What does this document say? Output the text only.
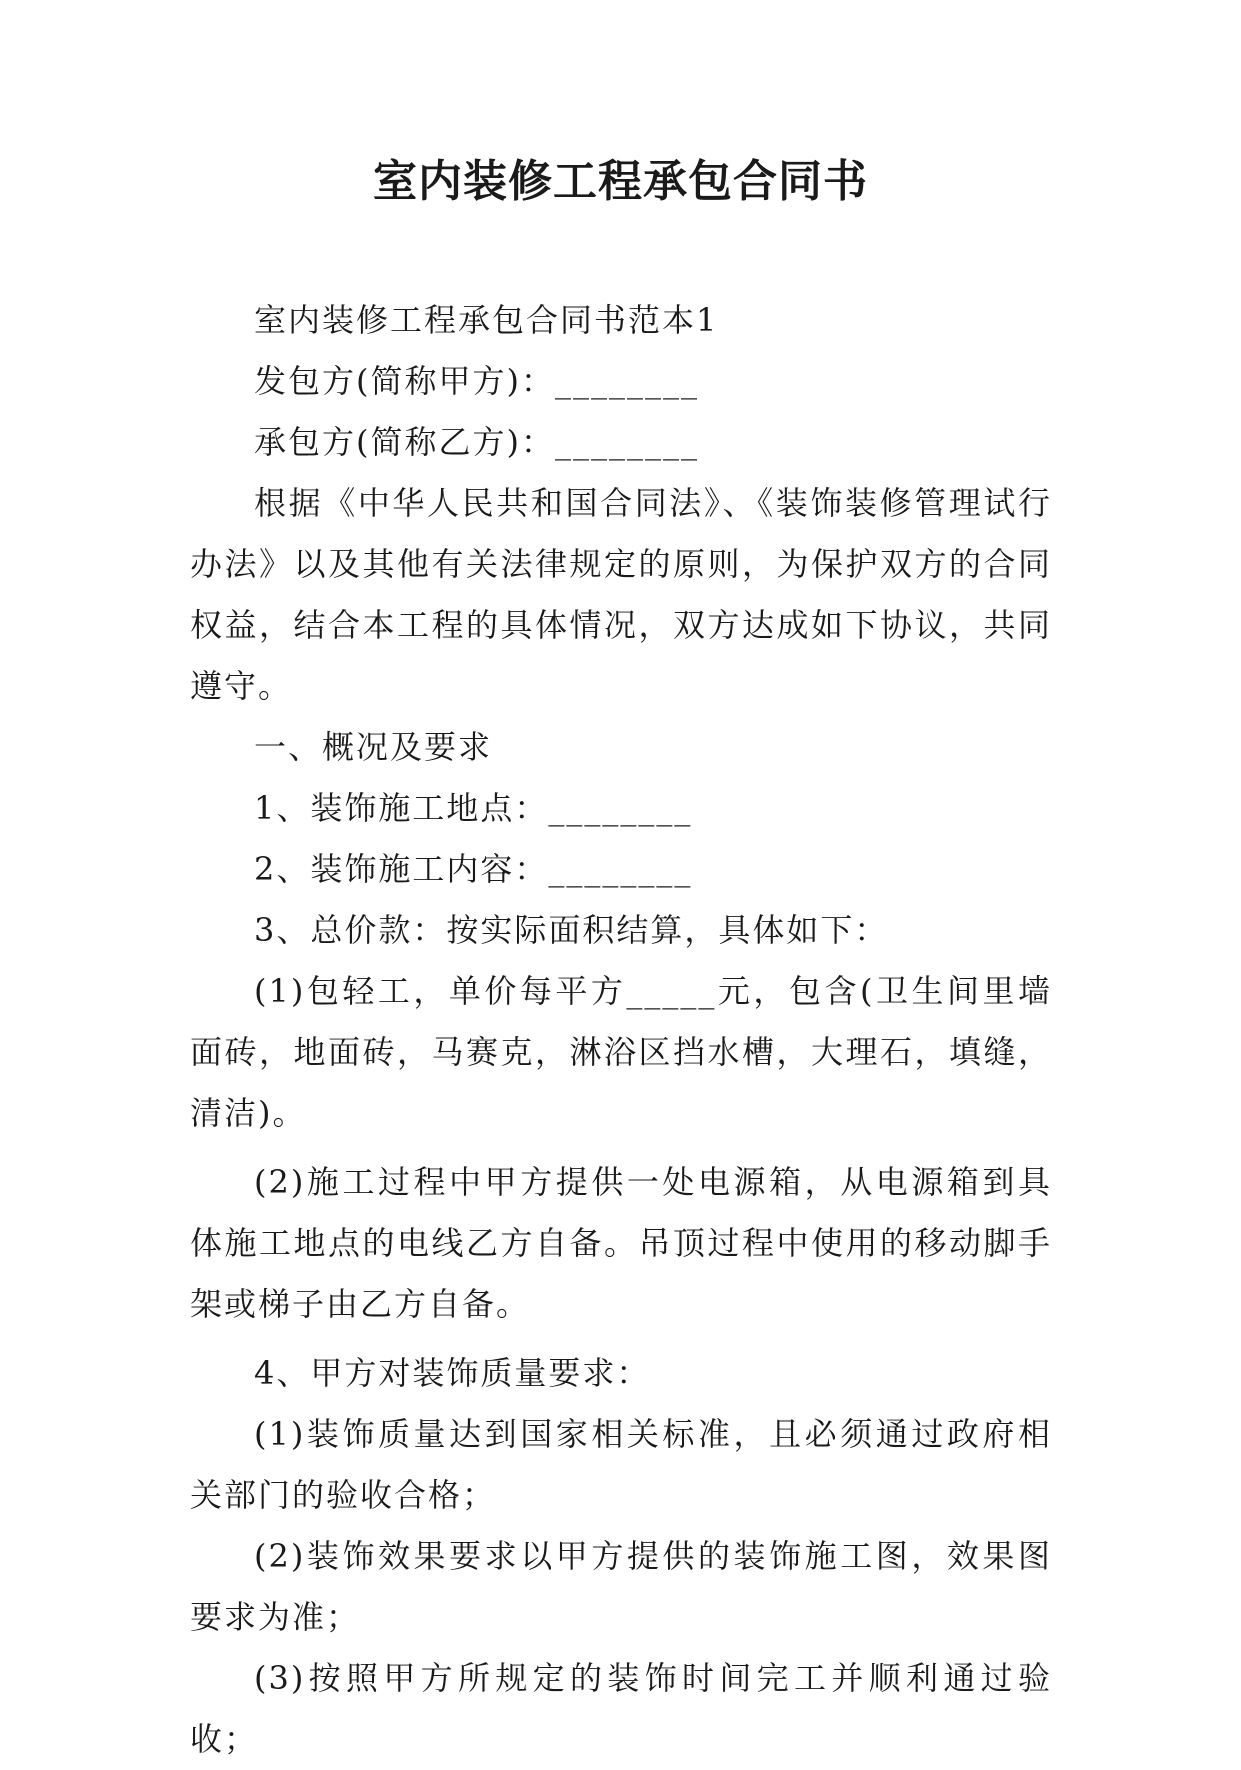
室内装修工程承包合同书

室内装修工程承包合同书范本1

发包方(简称甲方)：________

承包方(简称乙方)：________

根据《中华人民共和国合同法》、《装饰装修管理试行办法》以及其他有关法律规定的原则，为保护双方的合同权益，结合本工程的具体情况，双方达成如下协议，共同遵守。

一、概况及要求

1、装饰施工地点：________

2、装饰施工内容：________

3、总价款：按实际面积结算，具体如下：

(1)包轻工，单价每平方_____元，包含(卫生间里墙面砖，地面砖，马赛克，淋浴区挡水槽，大理石，填缝，清洁)。

(2)施工过程中甲方提供一处电源箱，从电源箱到具体施工地点的电线乙方自备。吊顶过程中使用的移动脚手架或梯子由乙方自备。

4、甲方对装饰质量要求：

(1)装饰质量达到国家相关标准，且必须通过政府相关部门的验收合格；

(2)装饰效果要求以甲方提供的装饰施工图，效果图要求为准；

(3)按照甲方所规定的装饰时间完工并顺利通过验收；
